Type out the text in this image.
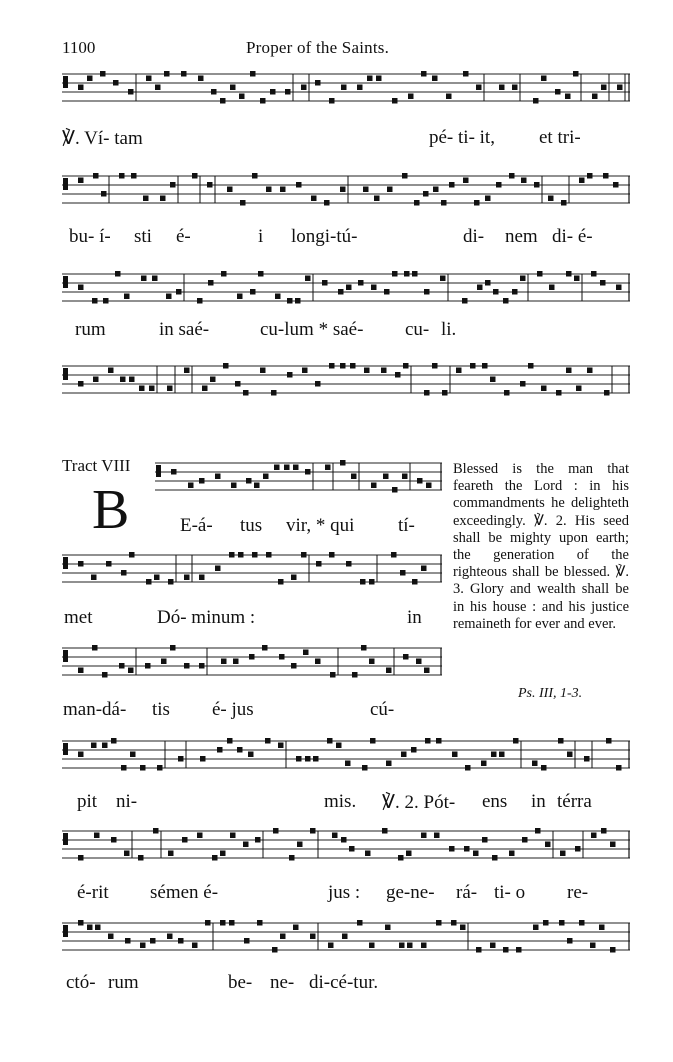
1100	Proper of the Saints.
℣. Ví- tam	pé- ti- it, et tri-
bu- í- sti é-	i longi-tú-	di- nem di- é-
rum	in saé-	cu-lum * saé- cu- li.
Tract VIII
B	E-á- tus vir, * qui tí-
met	Dó- minum :	in
man-dá- tis é- jus	cú-

Blessed is the man that feareth the Lord : in his commandments he delighteth exceedingly. ℣. 2. His seed shall be mighty upon earth; the generation of the righteous shall be blessed. ℣. 3. Glory and wealth shall be in his house : and his justice remaineth for ever and ever.

Ps. III, 1-3.
pit ni-	mis. ℣. 2. Pót- ens in térra
é-rit sémen é-	jus : ge-ne- rá- ti- o re-
ctó- rum	be- ne- di-cé-tur.
